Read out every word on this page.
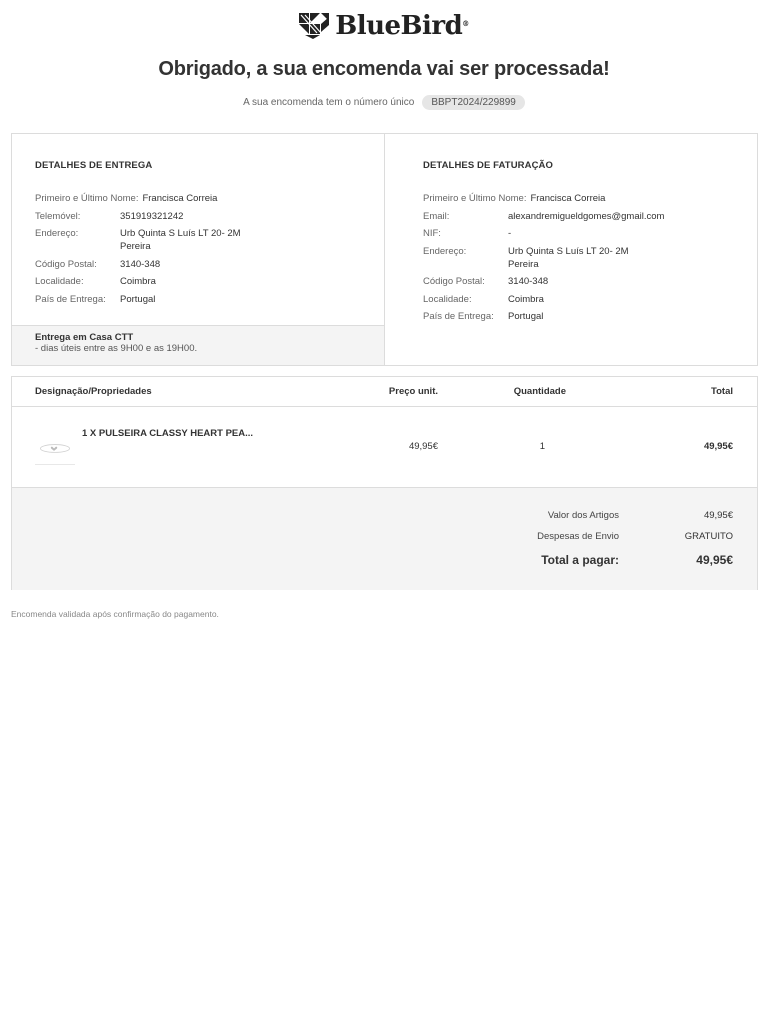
BlueBird®
Obrigado, a sua encomenda vai ser processada!
A sua encomenda tem o número único	BBPT2024/229899
DETALHES DE ENTREGA
Primeiro e Último Nome: Francisca Correia
Telemóvel:	351919321242
Endereço:	Urb Quinta S Luís LT 20- 2M
Pereira
Código Postal:	3140-348
Localidade:	Coimbra
País de Entrega:	Portugal
Entrega em Casa CTT
- dias úteis entre as 9H00 e as 19H00.
DETALHES DE FATURAÇÃO
Primeiro e Último Nome: Francisca Correia
Email:	alexandremigueldgomes@gmail.com
NIF:	-
Endereço:	Urb Quinta S Luís LT 20- 2M
Pereira
Código Postal:	3140-348
Localidade:	Coimbra
País de Entrega:	Portugal
Designação/Propriedades	Preço unit.	Quantidade	Total
1 X PULSEIRA CLASSY HEART PEA...
49,95€	1	49,95€
Valor dos Artigos	49,95€
Despesas de Envio	GRATUITO
Total a pagar:	49,95€
Encomenda validada após confirmação do pagamento.
